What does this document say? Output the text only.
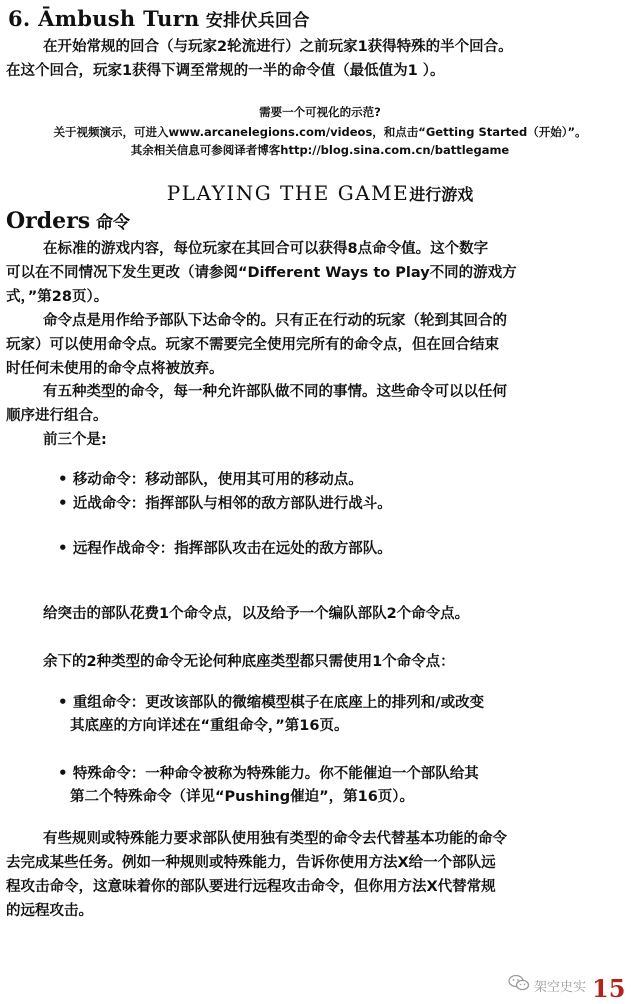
6. Āmbush Turn 安排伏兵回合
在开始常规的回合（与玩家2轮流进行）之前玩家1获得特殊的半个回合。
在这个回合，玩家1获得下调至常规的一半的命令值（最低值为1 ）。
需要一个可视化的示范?
关于视频演示，可进入www.arcanelegions.com/videos，和点击“Getting Started（开始）”。
其余相关信息可参阅译者博客http://blog.sina.com.cn/battlegame
PLAYING THE GAME进行游戏
Orders 命令
在标准的游戏内容，每位玩家在其回合可以获得8点命令值。这个数字
可以在不同情况下发生更改（请参阅“Different Ways to Play不同的游戏方
式，”第28页）。
命令点是用作给予部队下达命令的。只有正在行动的玩家（轮到其回合的
玩家）可以使用命令点。玩家不需要完全使用完所有的命令点，但在回合结束
时任何未使用的命令点将被放弃。
有五种类型的命令，每一种允许部队做不同的事情。这些命令可以以任何
顺序进行组合。
前三个是:
• 移动命令：移动部队，使用其可用的移动点。
• 近战命令：指挥部队与相邻的敌方部队进行战斗。
• 远程作战命令：指挥部队攻击在远处的敌方部队。
给突击的部队花费1个命令点，以及给予一个编队部队2个命令点。
余下的2种类型的命令无论何种底座类型都只需使用1个命令点：
• 重组命令：更改该部队的微缩模型棋子在底座上的排列和/或改变
其底座的方向详述在“重组命令，”第16页。
• 特殊命令：一种命令被称为特殊能力。你不能催迫一个部队给其
第二个特殊命令（详见“Pushing催迫”，第16页）。
有些规则或特殊能力要求部队使用独有类型的命令去代替基本功能的命令
去完成某些任务。例如一种规则或特殊能力，告诉你使用方法X给一个部队远
程攻击命令，这意味着你的部队要进行远程攻击命令，但你用方法X代替常规
的远程攻击。
架空史实 15
